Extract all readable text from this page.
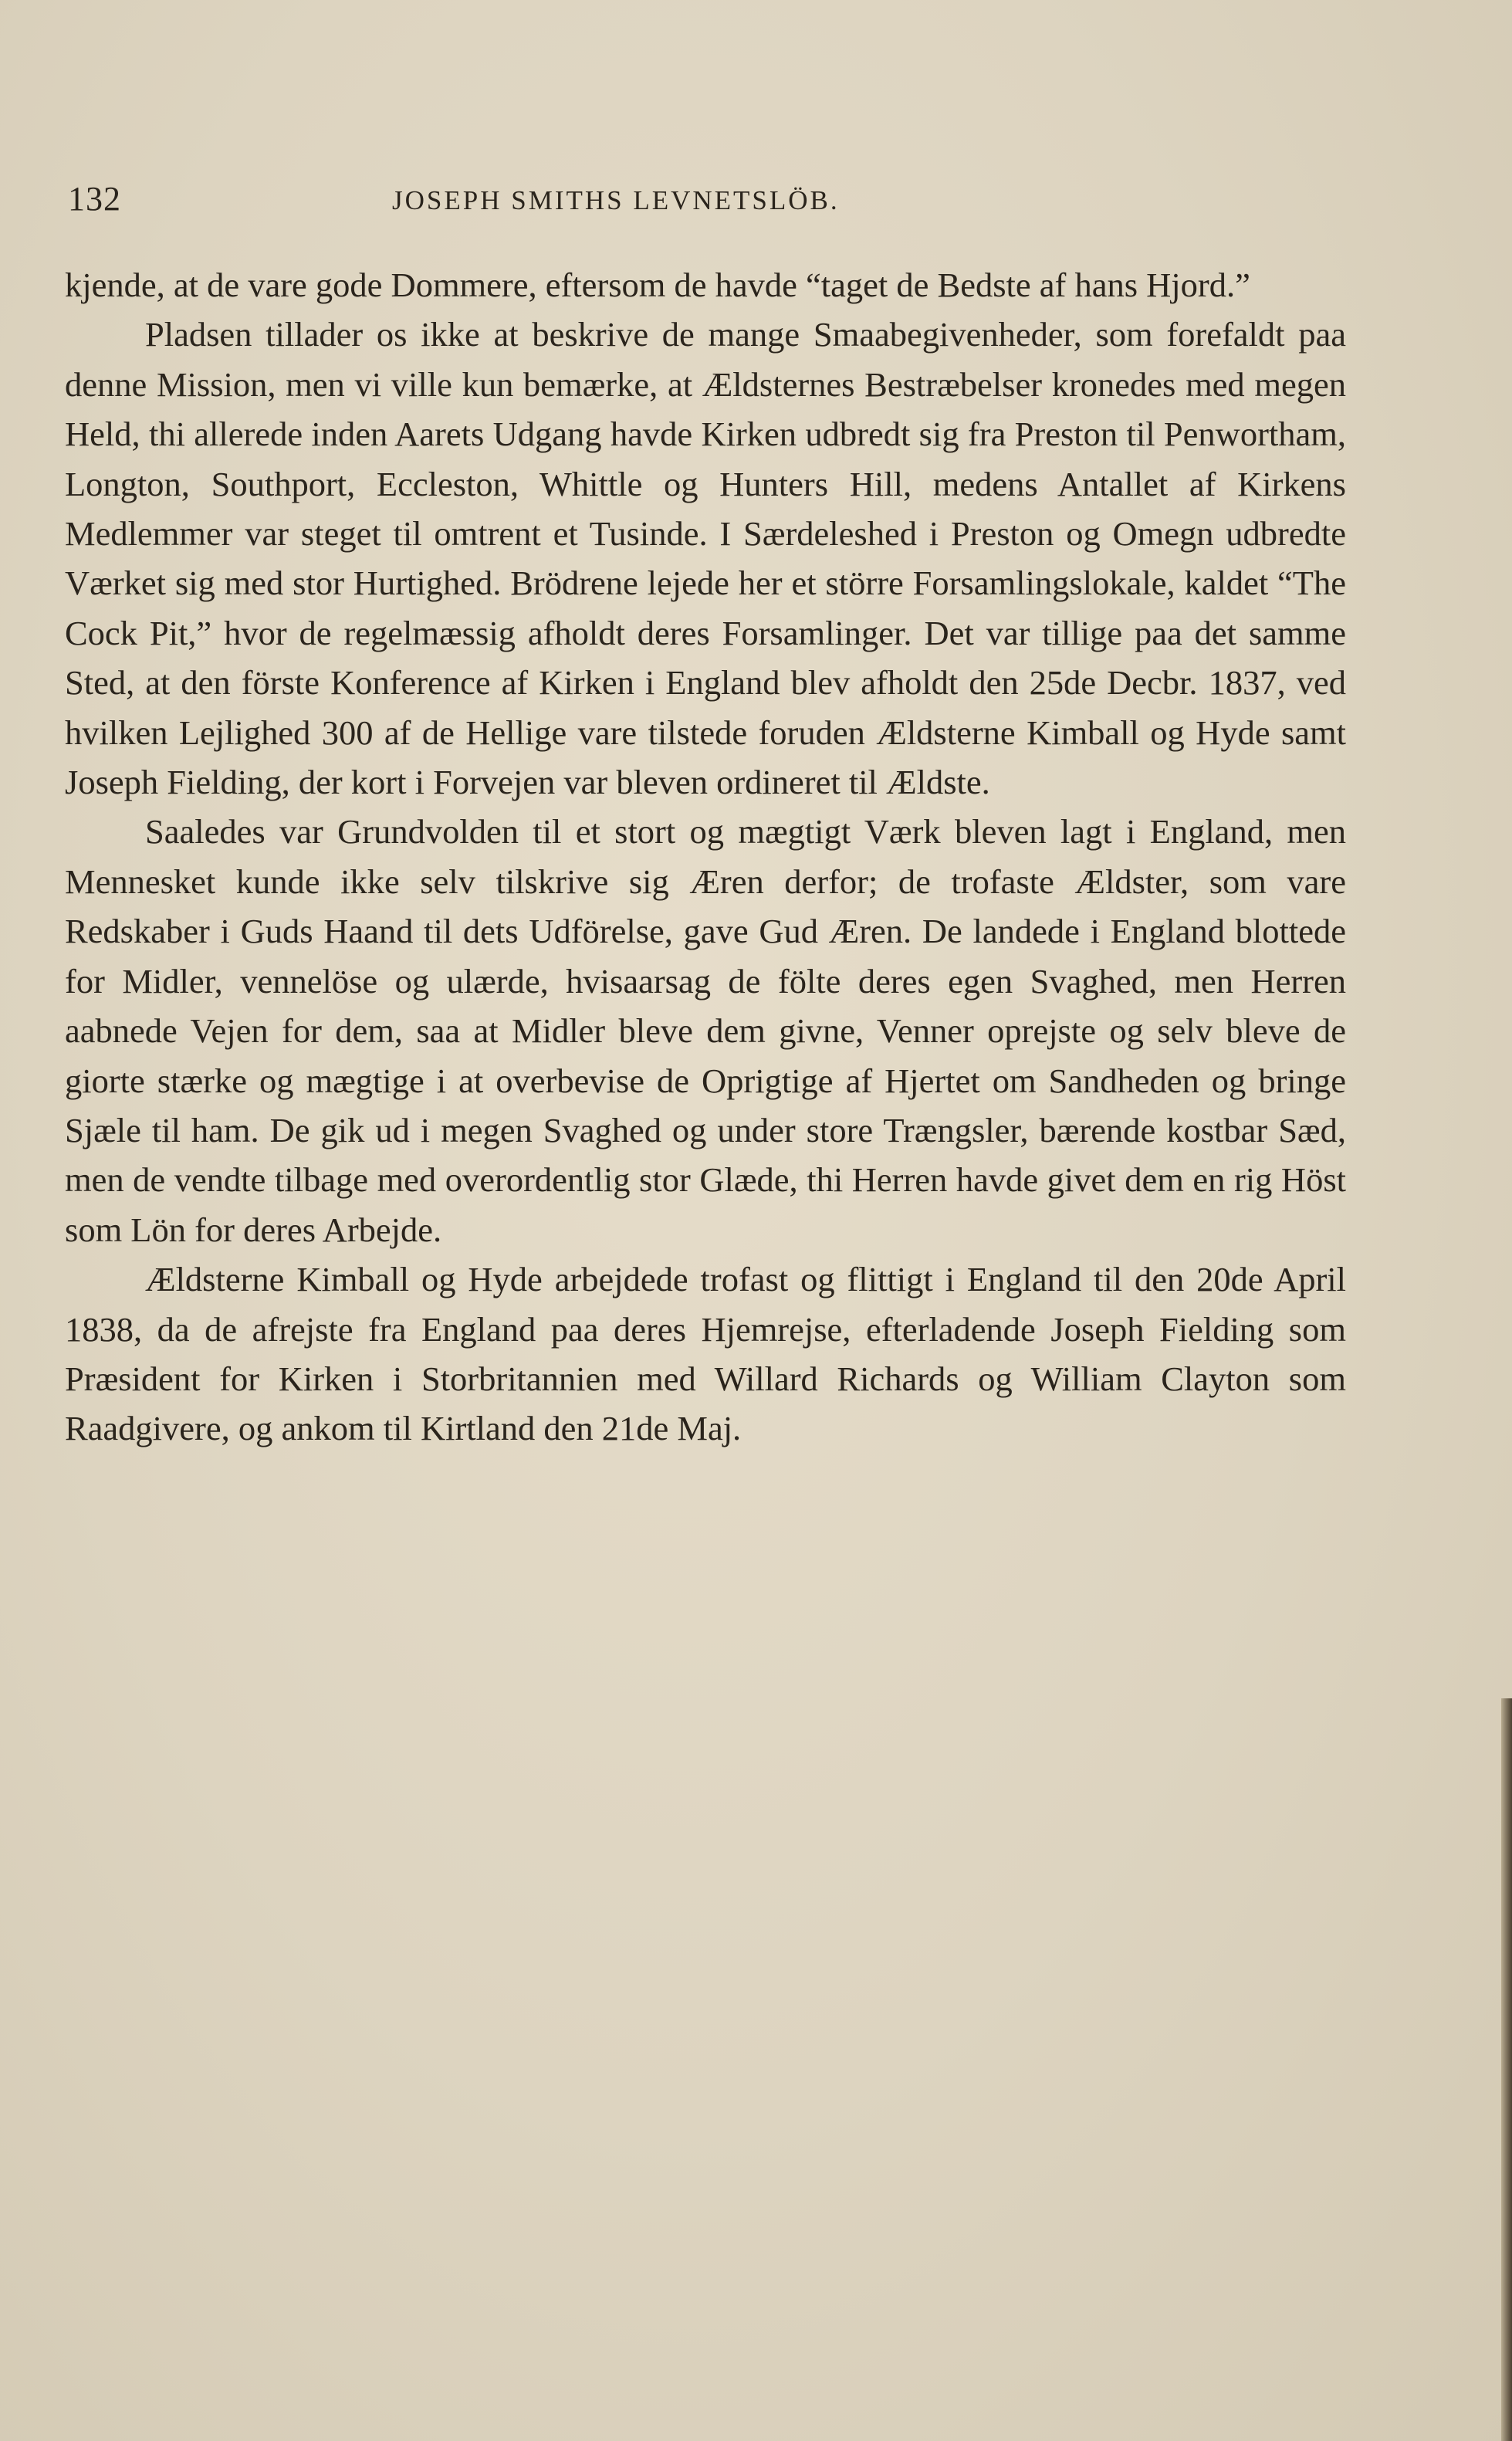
132	JOSEPH SMITHS LEVNETSLÖB.

kjende, at de vare gode Dommere, eftersom de havde “taget de Bedste af hans Hjord.”

Pladsen tillader os ikke at beskrive de mange Smaabegivenheder, som forefaldt paa denne Mission, men vi ville kun bemærke, at Ældsternes Bestræbelser kronedes med megen Held, thi allerede inden Aarets Udgang havde Kirken udbredt sig fra Preston til Penwortham, Longton, Southport, Eccleston, Whittle og Hunters Hill, medens Antallet af Kirkens Medlemmer var steget til omtrent et Tusinde. I Særdeleshed i Preston og Omegn udbredte Værket sig med stor Hurtighed. Brödrene lejede her et större Forsamlingslokale, kaldet “The Cock Pit,” hvor de regelmæssig afholdt deres Forsamlinger. Det var tillige paa det samme Sted, at den förste Konference af Kirken i England blev afholdt den 25de Decbr. 1837, ved hvilken Lejlighed 300 af de Hellige vare tilstede foruden Ældsterne Kimball og Hyde samt Joseph Fielding, der kort i Forvejen var bleven ordineret til Ældste.

Saaledes var Grundvolden til et stort og mægtigt Værk bleven lagt i England, men Mennesket kunde ikke selv tilskrive sig Æren derfor; de trofaste Ældster, som vare Redskaber i Guds Haand til dets Udförelse, gave Gud Æren. De landede i England blottede for Midler, vennelöse og ulærde, hvisaarsag de fölte deres egen Svaghed, men Herren aabnede Vejen for dem, saa at Midler bleve dem givne, Venner oprejste og selv bleve de giorte stærke og mægtige i at overbevise de Oprigtige af Hjertet om Sandheden og bringe Sjæle til ham. De gik ud i megen Svaghed og under store Trængsler, bærende kostbar Sæd, men de vendte tilbage med overordentlig stor Glæde, thi Herren havde givet dem en rig Höst som Lön for deres Arbejde.

Ældsterne Kimball og Hyde arbejdede trofast og flittigt i England til den 20de April 1838, da de afrejste fra England paa deres Hjemrejse, efterladende Joseph Fielding som Præsident for Kirken i Storbritannien med Willard Richards og William Clayton som Raadgivere, og ankom til Kirtland den 21de Maj.
